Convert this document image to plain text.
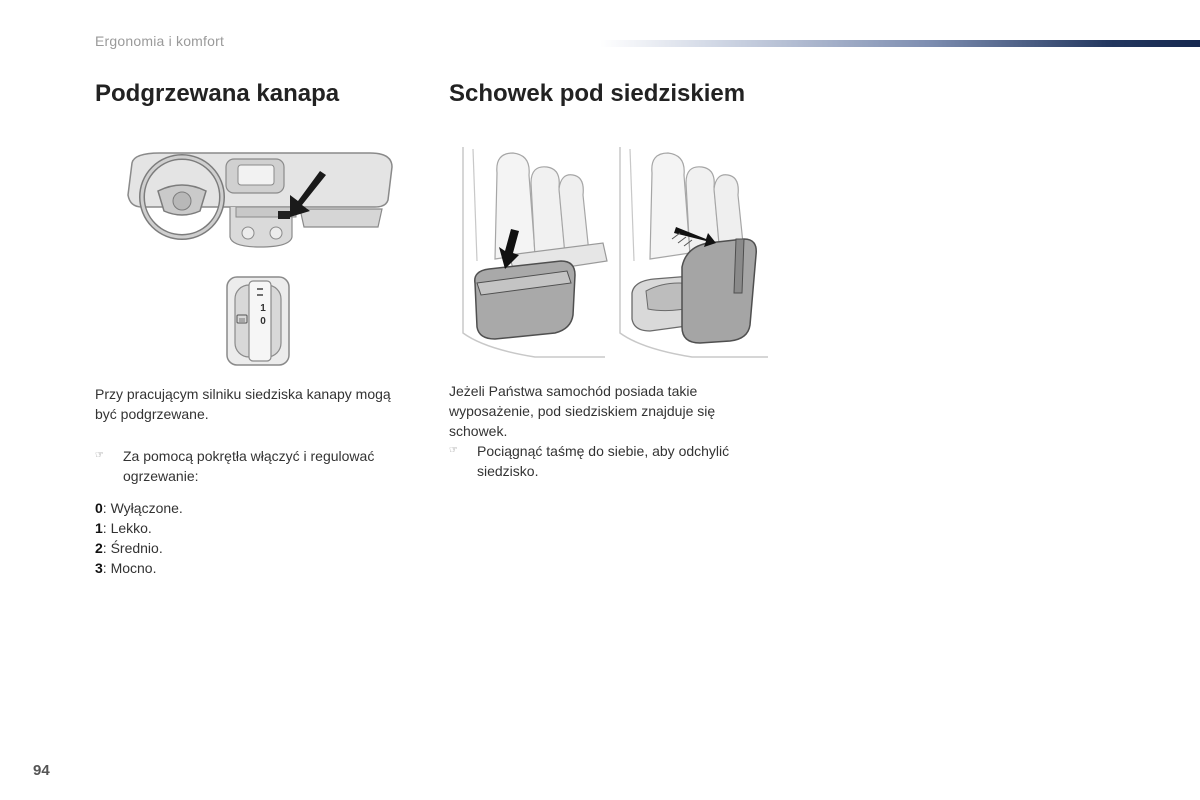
Ergonomia i komfort
Podgrzewana kanapa	Schowek pod siedziskiem
1
0

Przy pracującym silniku siedziska kanapy mogą być podgrzewane.

☞ Za pomocą pokrętła włączyć i regulować ogrzewanie:

0: Wyłączone.
1: Lekko.
2: Średnio.
3: Mocno.

Jeżeli Państwa samochód posiada takie wyposażenie, pod siedziskiem znajduje się schowek.

☞ Pociągnąć taśmę do siebie, aby odchylić siedzisko.

94
